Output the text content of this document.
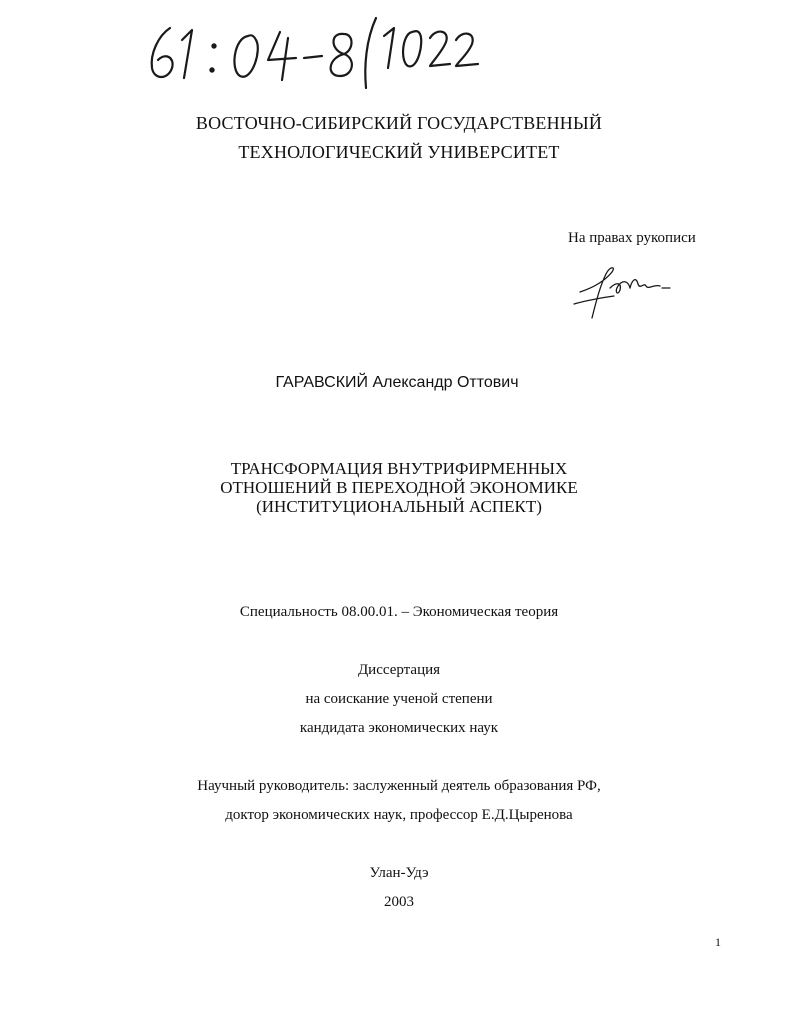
ВОСТОЧНО-СИБИРСКИЙ ГОСУДАРСТВЕННЫЙ
ТЕХНОЛОГИЧЕСКИЙ УНИВЕРСИТЕТ
На правах рукописи
ГАРАВСКИЙ Александр Оттович
ТРАНСФОРМАЦИЯ ВНУТРИФИРМЕННЫХ
ОТНОШЕНИЙ В ПЕРЕХОДНОЙ ЭКОНОМИКЕ
(ИНСТИТУЦИОНАЛЬНЫЙ АСПЕКТ)
Специальность 08.00.01. – Экономическая теория
Диссертация
на соискание ученой степени
кандидата экономических наук
Научный руководитель: заслуженный деятель образования РФ,
доктор экономических наук, профессор Е.Д.Цыренова
Улан-Удэ
2003
1
